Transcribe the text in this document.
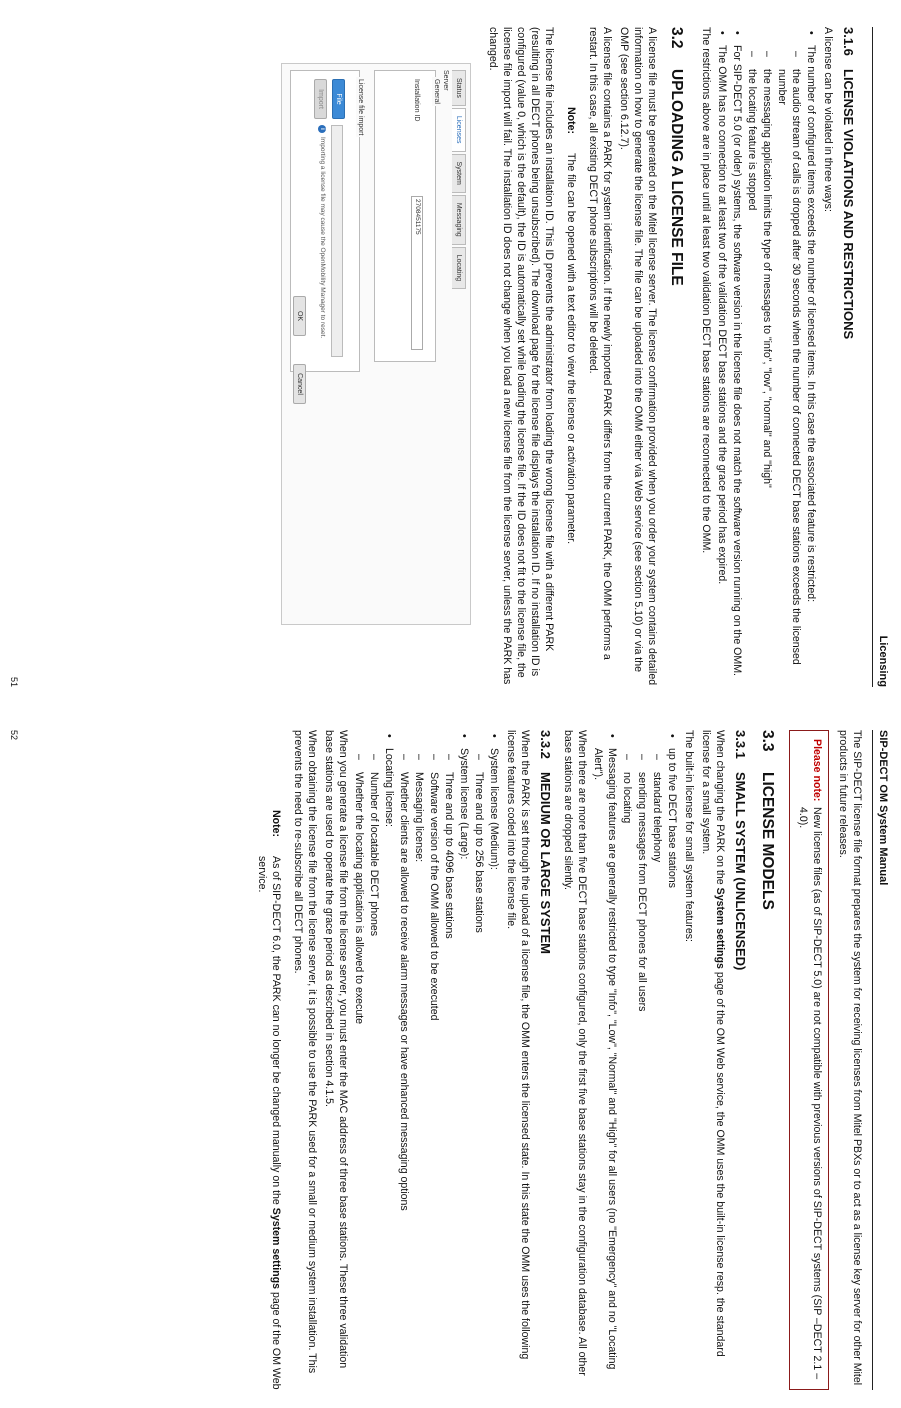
Licensing
3.1.6LICENSE VIOLATIONS AND RESTRICTIONS

A license can be violated in three ways:

• The number of configured items exceeds the number of licensed items. In this case the associated feature is restricted:
– the audio stream of calls is dropped after 30 seconds when the number of connected DECT base stations exceeds the licensed number
– the messaging application limits the type of messages to "info", "low", "normal" and "high"
– the locating feature is stopped
• For SIP-DECT 5.0 (or older) systems, the software version in the license file does not match the software version running on the OMM.
• The OMM has no connection to at least two of the validation DECT base stations and the grace period has expired.

The restrictions above are in place until at least two validation DECT base stations are reconnected to the OMM.

3.2UPLOADING A LICENSE FILE

A license file must be generated on the Mitel license server. The license confirmation provided when you order your system contains detailed information on how to generate the license file. The file can be uploaded into the OMM either via Web service (see section 5.10) or via the OMP (see section 6.12.7).

A license file contains a PARK for system identification. If the newly imported PARK differs from the current PARK, the OMM performs a restart. In this case, all existing DECT phone subscriptions will be deleted.

Note:
The file can be opened with a text editor to view the license or activation parameter.

The license file includes an installation ID. This ID prevents the administrator from loading the wrong license file with a different PARK (resulting in all DECT phones being unsubscribed). The download page for the license file displays the installation ID. If no installation ID is configured (value 0, which is the default), the ID is automatically set while loading the license file. If the ID does not fit to the license file, the license file import will fail. The installation ID does not change when you load a new license file from the license server, unless the PARK has changed.

Status
Licenses
System
Messaging
Locating
Server
General
Installation ID
2708451175
License file import
File
Import
i
Importing a license file may cause the OpenMobility Manager to reset.
OK
Cancel
51
SIP-DECT OM System Manual

The SIP-DECT license file format prepares the system for receiving licenses from Mitel PBXs or to act as a license key server for other Mitel products in future releases.

Please note:
New license files (as of SIP-DECT 5.0) are not compatible with previous versions of SIP-DECT systems (SIP –DECT 2.1 – 4.0).
3.3LICENSE MODELS
3.3.1SMALL SYSTEM (UNLICENSED)

When changing the PARK on the System settings page of the OM Web service, the OMM uses the built-in license resp. the standard license for a small system.

The built-in license for small system features:

• up to five DECT base stations
– standard telephony
– sending messages from DECT phones for all users
– no locating
• Messaging features are generally restricted to type "Info", "Low", "Normal" and "High" for all users (no "Emergency" and no "Locating Alert").

When there are more than five DECT base stations configured, only the first five base stations stay in the configuration database. All other base stations are dropped silently.

3.3.2MEDIUM OR LARGE SYSTEM

When the PARK is set through the upload of a license file, the OMM enters the licensed state. In this state the OMM uses the following license features coded into the license file.

• System license (Medium):
– Three and up to 256 base stations
• System license (Large):
– Three and up to 4096 base stations
– Software version of the OMM allowed to be executed
– Messaging license:
– Whether clients are allowed to receive alarm messages or have enhanced messaging options
• Locating license:
– Number of locatable DECT phones
– Whether the locating application is allowed to execute

When you generate a license file from the license server, you must enter the MAC address of three base stations. These three validation base stations are used to operate the grace period as described in section 4.1.5.

When obtaining the license file from the license server, it is possible to use the PARK used for a small or medium system installation. This prevents the need to re-subscribe all DECT phones.

Note:
As of SIP-DECT 6.0, the PARK can no longer be changed manually on the System settings page of the OM Web service.
52
